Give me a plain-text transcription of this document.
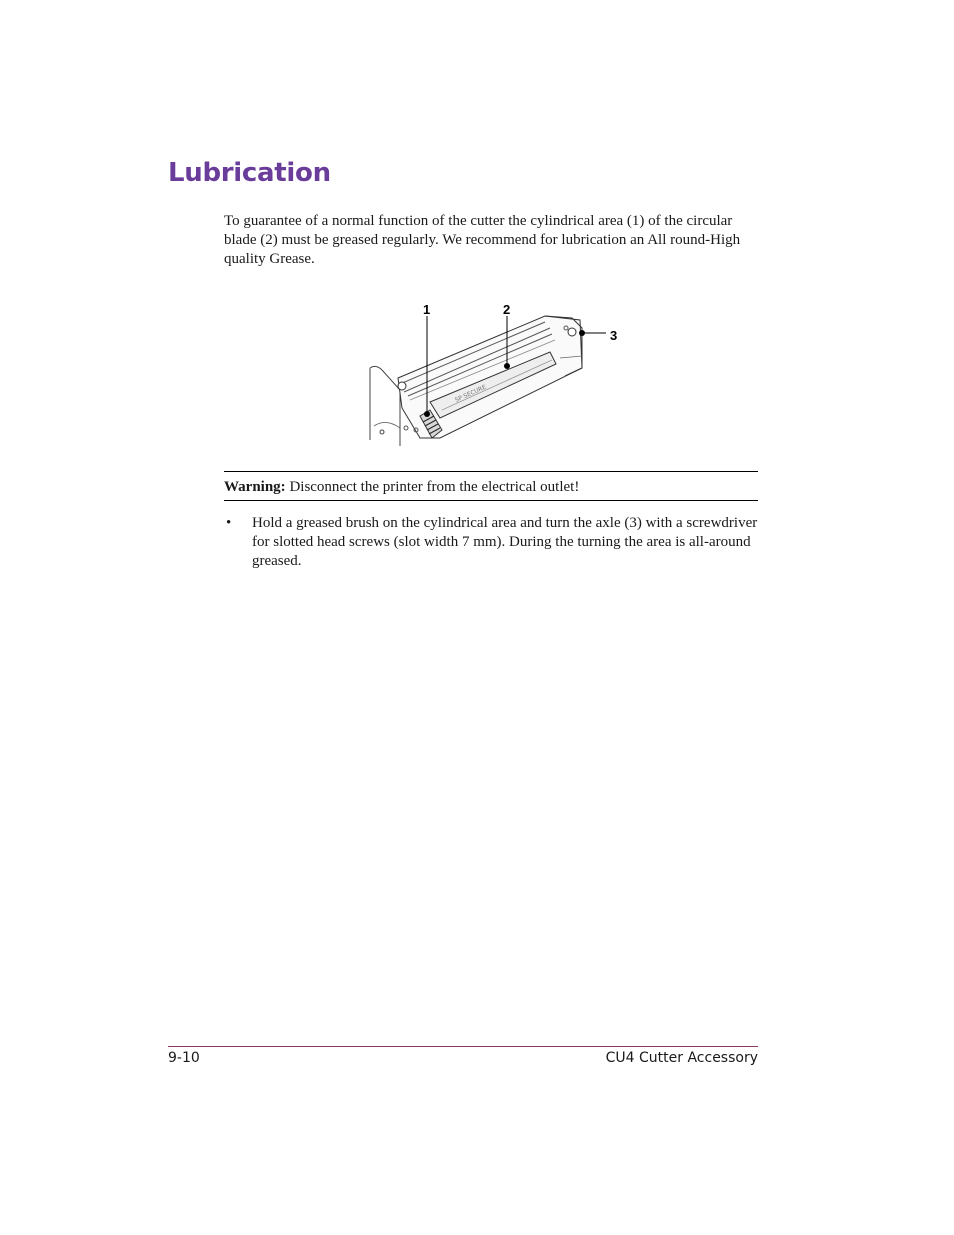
Lubrication

To guarantee of a normal function of the cutter the cylindrical area (1) of the circular blade (2) must be greased regularly. We recommend for lubrication an All round-High quality Grease.

SP SECURE
1	2
3
Warning: Disconnect the printer from the electrical outlet!
• Hold a greased brush on the cylindrical area and turn the axle (3) with a screwdriver for slotted head screws (slot width 7 mm). During the turning the area is all-around greased.
9-10	CU4 Cutter Accessory
